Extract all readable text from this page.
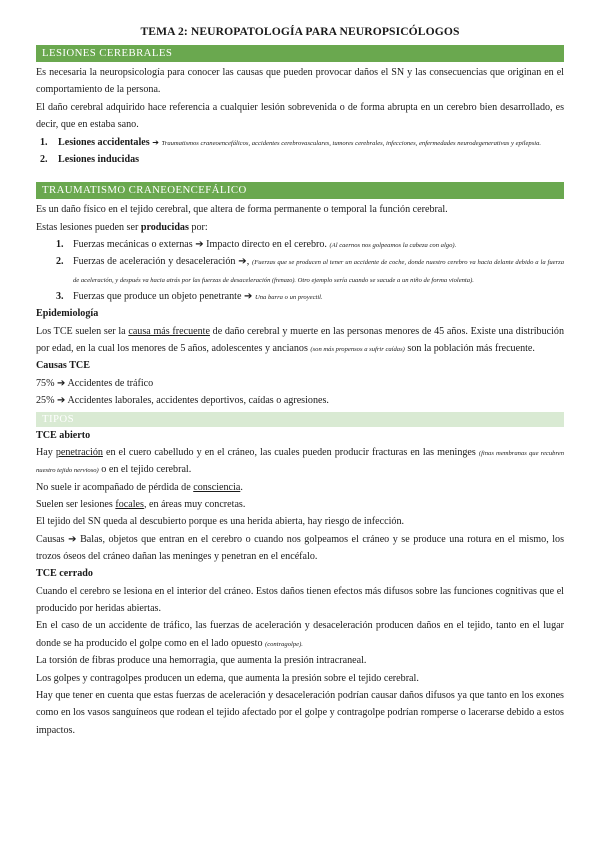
TEMA 2: NEUROPATOLOGÍA PARA NEUROPSICÓLOGOS
LESIONES CEREBRALES

Es necesaria la neuropsicología para conocer las causas que pueden provocar daños el SN y las consecuencias que originan en el comportamiento de la persona.

El daño cerebral adquirido hace referencia a cualquier lesión sobrevenida o de forma abrupta en un cerebro bien desarrollado, es decir, que en estaba sano.

1. Lesiones accidentales ➔ Traumatismos craneoencefálicos, accidentes cerebrovasculares, tumores cerebrales, infecciones, enfermedades neurodegenerativas y epilepsia.
2. Lesiones inducidas
TRAUMATISMO CRANEOENCEFÁLICO

Es un daño físico en el tejido cerebral, que altera de forma permanente o temporal la función cerebral.

Estas lesiones pueden ser producidas por:

1. Fuerzas mecánicas o externas ➔ Impacto directo en el cerebro. (Al caernos nos golpeamos la cabeza con algo).
2. Fuerzas de aceleración y desaceleración ➔, (Fuerzas que se producen al tener un accidente de coche, donde nuestro cerebro va hacia delante debido a la fuerza de aceleración, y después va hacia atrás por las fuerzas de desaceleración (frenazo). Otro ejemplo sería cuando se sacude a un niño de forma violenta).
3. Fuerzas que produce un objeto penetrante ➔ Una barra o un proyectil.
Epidemiología

Los TCE suelen ser la causa más frecuente de daño cerebral y muerte en las personas menores de 45 años. Existe una distribución por edad, en la cual los menores de 5 años, adolescentes y ancianos (son más propensos a sufrir caídas) son la población más frecuente.

Causas TCE

75% ➔ Accidentes de tráfico

25% ➔ Accidentes laborales, accidentes deportivos, caídas o agresiones.

TIPOS
TCE abierto

Hay penetración en el cuero cabelludo y en el cráneo, las cuales pueden producir fracturas en las meninges (finas membranas que recubren nuestro tejido nervioso) o en el tejido cerebral.

No suele ir acompañado de pérdida de consciencia.

Suelen ser lesiones focales, en áreas muy concretas.

El tejido del SN queda al descubierto porque es una herida abierta, hay riesgo de infección.

Causas ➔ Balas, objetos que entran en el cerebro o cuando nos golpeamos el cráneo y se produce una rotura en el mismo, los trozos óseos del cráneo dañan las meninges y penetran en el encéfalo.

TCE cerrado

Cuando el cerebro se lesiona en el interior del cráneo. Estos daños tienen efectos más difusos sobre las funciones cognitivas que el producido por heridas abiertas.

En el caso de un accidente de tráfico, las fuerzas de aceleración y desaceleración producen daños en el tejido, tanto en el lugar donde se ha producido el golpe como en el lado opuesto (contragolpe).

La torsión de fibras produce una hemorragia, que aumenta la presión intracraneal.

Los golpes y contragolpes producen un edema, que aumenta la presión sobre el tejido cerebral.

Hay que tener en cuenta que estas fuerzas de aceleración y desaceleración podrían causar daños difusos ya que tanto en los exones como en los vasos sanguíneos que rodean el tejido afectado por el golpe y contragolpe podrían romperse o lacerarse debido a estos impactos.
